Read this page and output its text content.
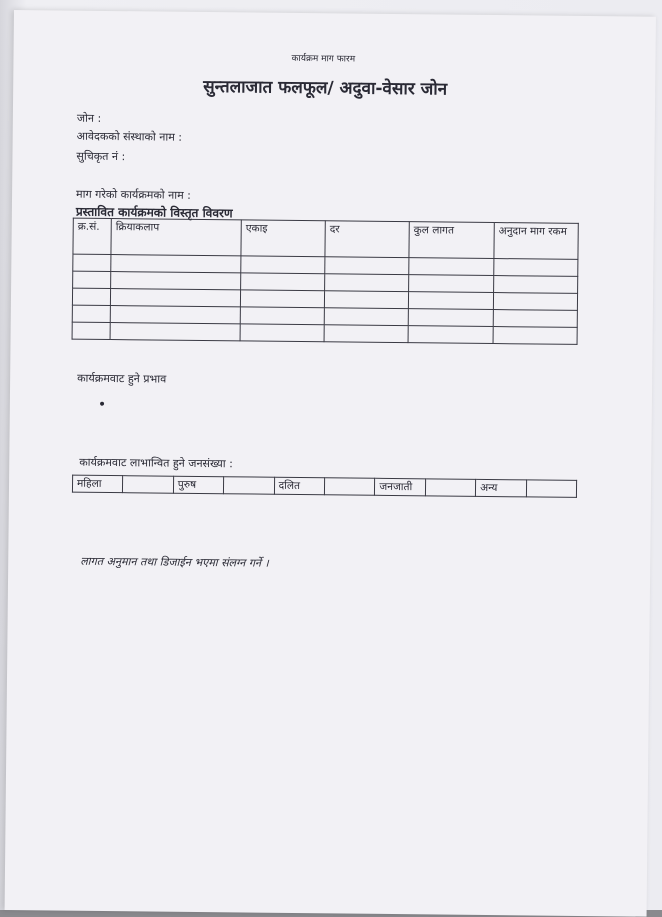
कार्यक्रम माग फारम
सुन्तलाजात फलफूल/ अदुवा-वेसार जोन
जोन :
आवेदकको संस्थाको नाम :
सुचिकृत नं :
माग गरेको कार्यक्रमको नाम :
प्रस्तावित कार्यक्रमको विस्तृत विवरण
क्र.सं.	क्रियाकलाप	एकाइ	दर	कुल लागत	अनुदान माग रकम

कार्यक्रमवाट हुने प्रभाव
•
कार्यक्रमवाट लाभान्वित हुने जनसंख्या :
महिला		पुरुष		दलित		जनजाती		अन्य	
लागत अनुमान तथा डिजाईन भएमा संलग्न गर्ने ।
